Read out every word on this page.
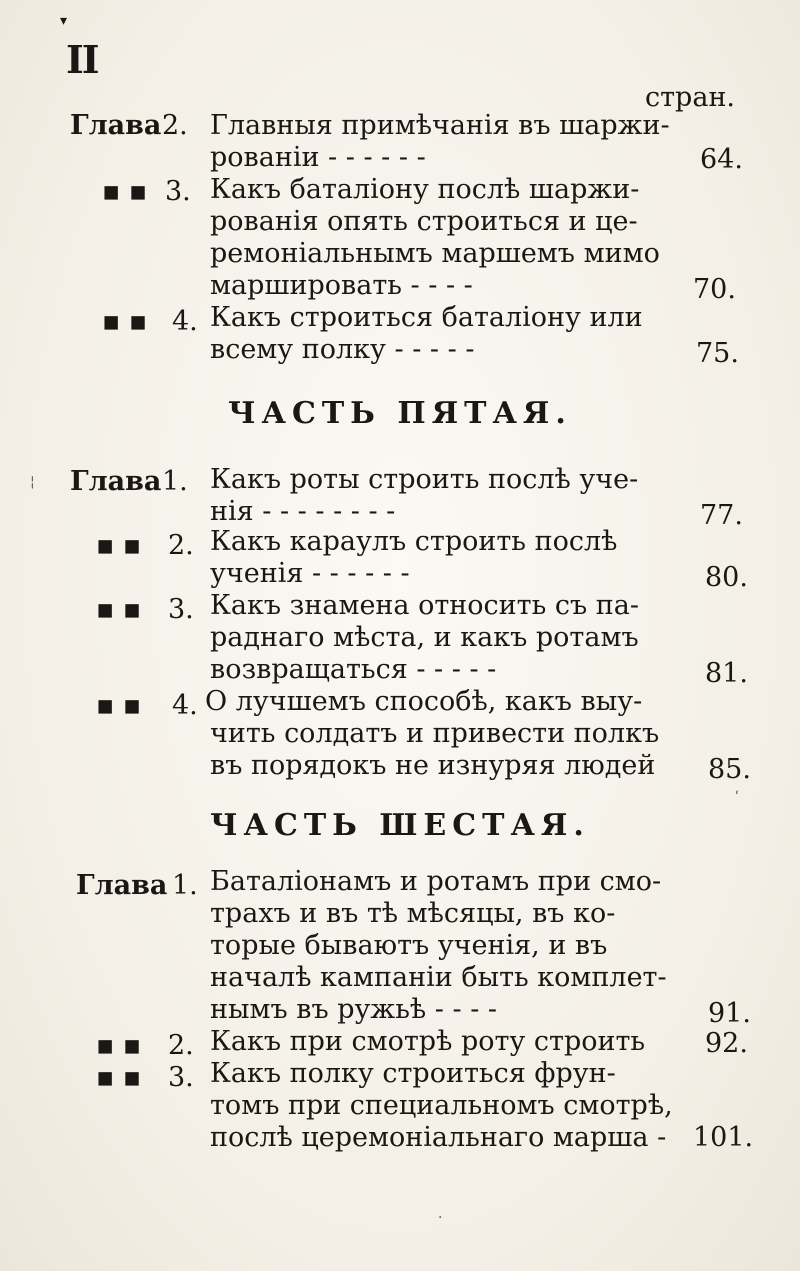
▾
II
стран.
Глава 2. Главныя примѣчанія въ шаржи-
рованіи - - - - - -	64.
▪ ▪ 3. Какъ баталіону послѣ шаржи-
рованія опять строиться и це-
ремоніальнымъ маршемъ мимо
маршировать - - - -	70.
▪ ▪ 4. Какъ строиться баталіону или
всему полку - - - - -	75.
ЧАСТЬ ПЯТАЯ.
Глава 1. Какъ роты строить послѣ уче-
нія - - - - - - - -	77.
▪ ▪ 2. Какъ караулъ строить послѣ
ученія - - - - - -	80.
▪ ▪ 3. Какъ знамена относить съ па-
раднаго мѣста, и какъ ротамъ
возвращаться - - - - -	81.
▪ ▪ 4. О лучшемъ способѣ, какъ выу-
чить солдатъ и привести полкъ
въ порядокъ не изнуряя людей 85.
ЧАСТЬ ШЕСТАЯ.
Глава 1. Баталіонамъ и ротамъ при смо-
трахъ и въ тѣ мѣсяцы, въ ко-
торые бываютъ ученія, и въ
началѣ кампаніи быть комплет-
нымъ въ ружьѣ - - - -	91.
▪ ▪ 2. Какъ при смотрѣ роту строить 92.
▪ ▪ 3. Какъ полку строиться фрун-
томъ при специальномъ смотрѣ,
послѣ церемоніальнаго марша - 101.
¦
·
ʹ
